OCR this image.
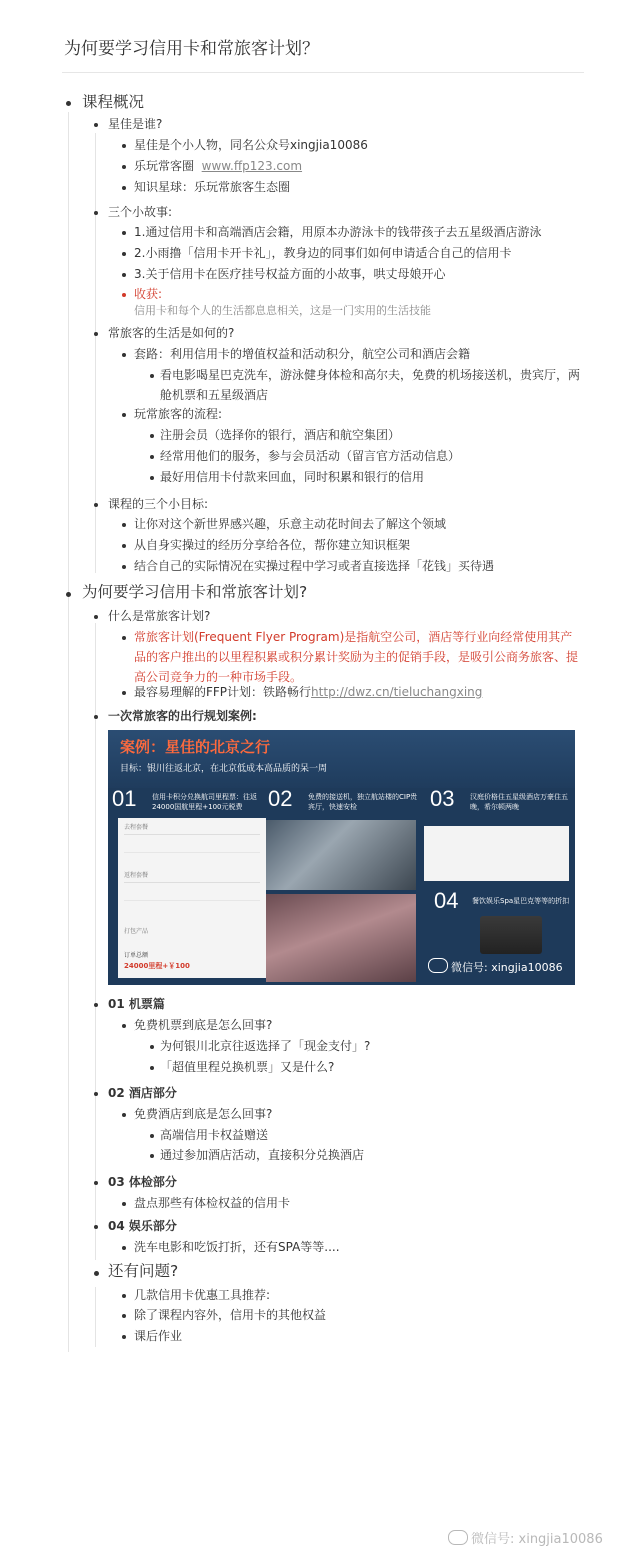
为何要学习信用卡和常旅客计划？
课程概况
星佳是谁?
星佳是个小人物，同名公众号xingjia10086
乐玩常客圈 www.ffp123.com
知识星球：乐玩常旅客生态圈
三个小故事:
1.通过信用卡和高端酒店会籍，用原本办游泳卡的钱带孩子去五星级酒店游泳
2.小雨撸「信用卡开卡礼」，教身边的同事们如何申请适合自己的信用卡
3.关于信用卡在医疗挂号权益方面的小故事，哄丈母娘开心
收获:
信用卡和每个人的生活都息息相关，这是一门实用的生活技能
常旅客的生活是如何的?
套路：利用信用卡的增值权益和活动积分，航空公司和酒店会籍
看电影喝星巴克洗车，游泳健身体检和高尔夫，免费的机场接送机，贵宾厅，两舱机票和五星级酒店
玩常旅客的流程:
注册会员（选择你的银行，酒店和航空集团）
经常用他们的服务，参与会员活动（留言官方活动信息）
最好用信用卡付款来回血，同时积累和银行的信用
课程的三个小目标:
让你对这个新世界感兴趣，乐意主动花时间去了解这个领域
从自身实操过的经历分享给各位，帮你建立知识框架
结合自己的实际情况在实操过程中学习或者直接选择「花钱」买待遇
为何要学习信用卡和常旅客计划?
什么是常旅客计划?
常旅客计划(Frequent Flyer Program)是指航空公司，酒店等行业向经常使用其产品的客户推出的以里程积累或积分累计奖励为主的促销手段，是吸引公商务旅客、提高公司竞争力的一种市场手段。
最容易理解的FFP计划：铁路畅行http://dwz.cn/tieluchangxing
一次常旅客的出行规划案例:
案例：星佳的北京之行
目标：银川往返北京，在北京低成本高品质的呆一周
01 信用卡积分兑换航司里程票：往返24000国航里程+100元税费	02 免费的接送机，独立航站楼的CIP贵宾厅，快速安检	03 汉庭价格住五星级酒店万豪住五晚，希尔顿两晚
去程套餐
返程套餐
打包产品
订单总额
24000里程+￥100
04 餐饮娱乐Spa星巴克等等的折扣
微信号: xingjia10086
01 机票篇
免费机票到底是怎么回事?
为何银川北京往返选择了「现金支付」?
「超值里程兑换机票」又是什么?
02 酒店部分
免费酒店到底是怎么回事?
高端信用卡权益赠送
通过参加酒店活动，直接积分兑换酒店
03 体检部分
盘点那些有体检权益的信用卡
04 娱乐部分
洗车电影和吃饭打折，还有SPA等等....
还有问题?
几款信用卡优惠工具推荐:
除了课程内容外，信用卡的其他权益
课后作业
微信号: xingjia10086
